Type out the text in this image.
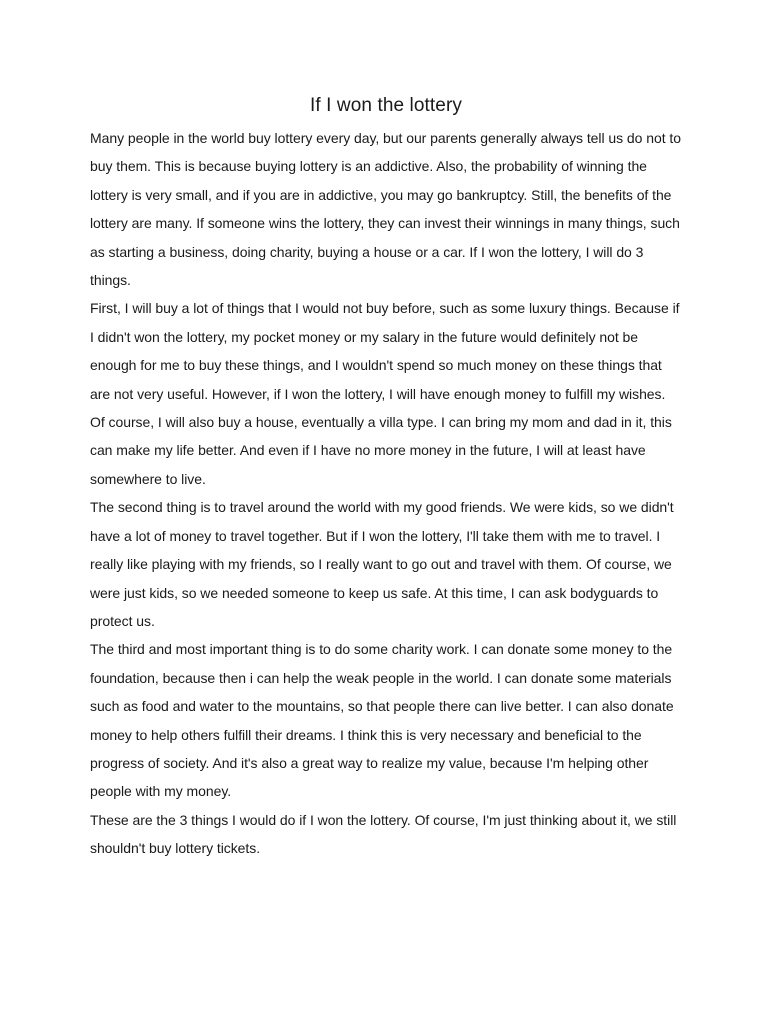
If I won the lottery

Many people in the world buy lottery every day, but our parents generally always tell us do not to buy them. This is because buying lottery is an addictive. Also, the probability of winning the lottery is very small, and if you are in addictive, you may go bankruptcy. Still, the benefits of the lottery are many. If someone wins the lottery, they can invest their winnings in many things, such as starting a business, doing charity, buying a house or a car. If I won the lottery, I will do 3 things.

First, I will buy a lot of things that I would not buy before, such as some luxury things. Because if I didn't won the lottery, my pocket money or my salary in the future would definitely not be enough for me to buy these things, and I wouldn't spend so much money on these things that are not very useful. However, if I won the lottery, I will have enough money to fulfill my wishes. Of course, I will also buy a house, eventually a villa type. I can bring my mom and dad in it, this can make my life better. And even if I have no more money in the future, I will at least have somewhere to live.

The second thing is to travel around the world with my good friends. We were kids, so we didn't have a lot of money to travel together. But if I won the lottery, I'll take them with me to travel. I really like playing with my friends, so I really want to go out and travel with them. Of course, we were just kids, so we needed someone to keep us safe. At this time, I can ask bodyguards to protect us.

The third and most important thing is to do some charity work. I can donate some money to the foundation, because then i can help the weak people in the world. I can donate some materials such as food and water to the mountains, so that people there can live better. I can also donate money to help others fulfill their dreams. I think this is very necessary and beneficial to the progress of society. And it's also a great way to realize my value, because I'm helping other people with my money.

These are the 3 things I would do if I won the lottery. Of course, I'm just thinking about it, we still shouldn't buy lottery tickets.
